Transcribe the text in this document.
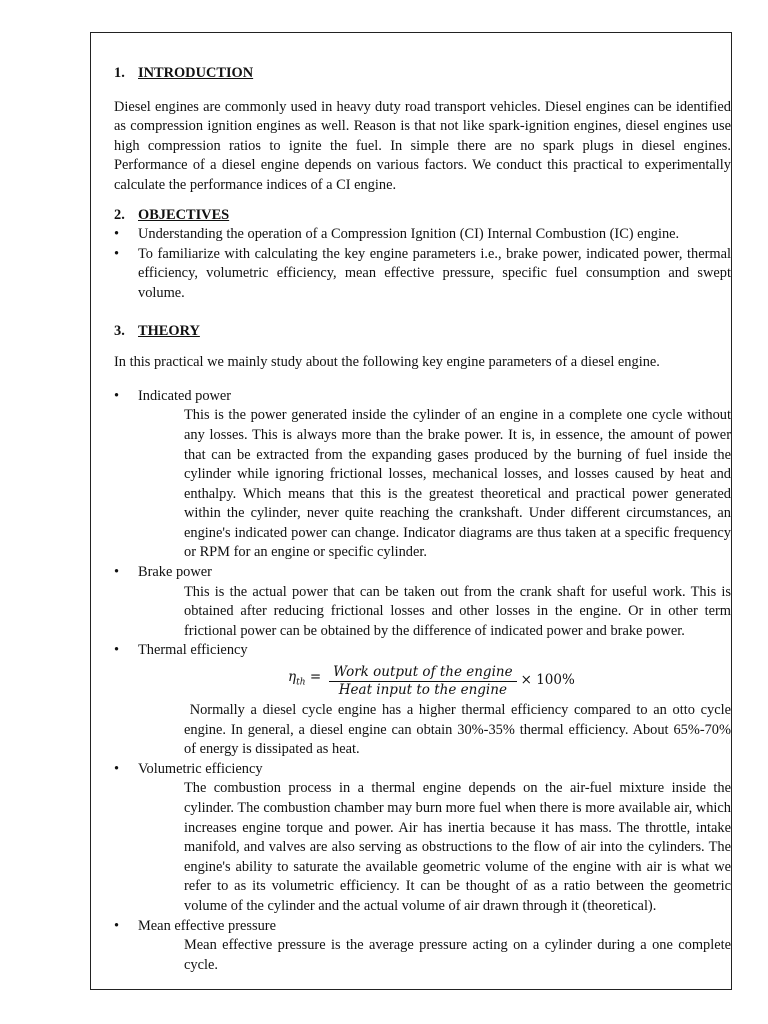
1. INTRODUCTION

Diesel engines are commonly used in heavy duty road transport vehicles. Diesel engines can be identified as compression ignition engines as well. Reason is that not like spark-ignition engines, diesel engines use high compression ratios to ignite the fuel. In simple there are no spark plugs in diesel engines. Performance of a diesel engine depends on various factors. We conduct this practical to experimentally calculate the performance indices of a CI engine.

2. OBJECTIVES
• Understanding the operation of a Compression Ignition (CI) Internal Combustion (IC) engine.
• To familiarize with calculating the key engine parameters i.e., brake power, indicated power, thermal efficiency, volumetric efficiency, mean effective pressure, specific fuel consumption and swept volume.
3. THEORY

In this practical we mainly study about the following key engine parameters of a diesel engine.

• Indicated power
This is the power generated inside the cylinder of an engine in a complete one cycle without any losses. This is always more than the brake power. It is, in essence, the amount of power that can be extracted from the expanding gases produced by the burning of fuel inside the cylinder while ignoring frictional losses, mechanical losses, and losses caused by heat and enthalpy. Which means that this is the greatest theoretical and practical power generated within the cylinder, never quite reaching the crankshaft. Under different circumstances, an engine's indicated power can change. Indicator diagrams are thus taken at a specific frequency or RPM for an engine or specific cylinder.
• Brake power
This is the actual power that can be taken out from the crank shaft for useful work. This is obtained after reducing frictional losses and other losses in the engine. Or in other term frictional power can be obtained by the difference of indicated power and brake power.
• Thermal efficiency
$\eta_{th} = \frac{\text{Work output of the engine}}{\text{Heat input to the engine}} \times 100\%$
Normally a diesel cycle engine has a higher thermal efficiency compared to an otto cycle engine. In general, a diesel engine can obtain 30%-35% thermal efficiency. About 65%-70% of energy is dissipated as heat.
• Volumetric efficiency
The combustion process in a thermal engine depends on the air-fuel mixture inside the cylinder. The combustion chamber may burn more fuel when there is more available air, which increases engine torque and power. Air has inertia because it has mass. The throttle, intake manifold, and valves are also serving as obstructions to the flow of air into the cylinders. The engine's ability to saturate the available geometric volume of the engine with air is what we refer to as its volumetric efficiency. It can be thought of as a ratio between the geometric volume of the cylinder and the actual volume of air drawn through it (theoretical).
• Mean effective pressure
Mean effective pressure is the average pressure acting on a cylinder during a one complete cycle.
